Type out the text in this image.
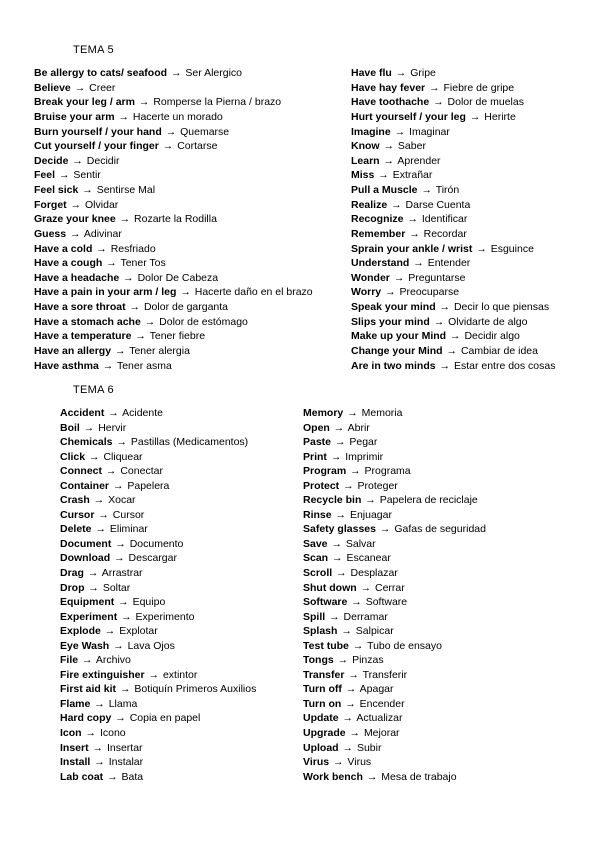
TEMA 5
Be allergy to cats/ seafood → Ser Alergico
Believe → Creer
Break your leg / arm → Romperse la Pierna / brazo
Bruise your arm → Hacerte un morado
Burn yourself / your hand → Quemarse
Cut yourself / your finger → Cortarse
Decide → Decidir
Feel → Sentir
Feel sick → Sentirse Mal
Forget → Olvidar
Graze your knee → Rozarte la Rodilla
Guess → Adivinar
Have a cold → Resfriado
Have a cough → Tener Tos
Have a headache → Dolor De Cabeza
Have a pain in your arm / leg → Hacerte daño en el brazo
Have a sore throat → Dolor de garganta
Have a stomach ache → Dolor de estómago
Have a temperature → Tener fiebre
Have an allergy → Tener alergia
Have asthma → Tener asma
Have flu → Gripe
Have hay fever → Fiebre de gripe
Have toothache → Dolor de muelas
Hurt yourself / your leg → Herirte
Imagine → Imaginar
Know → Saber
Learn → Aprender
Miss → Extrañar
Pull a Muscle → Tirón
Realize → Darse Cuenta
Recognize → Identificar
Remember → Recordar
Sprain your ankle / wrist → Esguince
Understand → Entender
Wonder → Preguntarse
Worry → Preocuparse
Speak your mind → Decir lo que piensas
Slips your mind → Olvidarte de algo
Make up your Mind → Decidir algo
Change your Mind → Cambiar de idea
Are in two minds → Estar entre dos cosas
TEMA 6
Accident → Acidente
Boil → Hervir
Chemicals → Pastillas (Medicamentos)
Click → Cliquear
Connect → Conectar
Container → Papelera
Crash → Xocar
Cursor → Cursor
Delete → Eliminar
Document → Documento
Download → Descargar
Drag → Arrastrar
Drop → Soltar
Equipment → Equipo
Experiment → Experimento
Explode → Explotar
Eye Wash → Lava Ojos
File → Archivo
Fire extinguisher → extintor
First aid kit → Botiquín Primeros Auxilios
Flame → Llama
Hard copy → Copia en papel
Icon → Icono
Insert → Insertar
Install → Instalar
Lab coat → Bata
Memory → Memoria
Open → Abrir
Paste → Pegar
Print → Imprimir
Program → Programa
Protect → Proteger
Recycle bin → Papelera de reciclaje
Rinse → Enjuagar
Safety glasses → Gafas de seguridad
Save → Salvar
Scan → Escanear
Scroll → Desplazar
Shut down → Cerrar
Software → Software
Spill → Derramar
Splash → Salpicar
Test tube → Tubo de ensayo
Tongs → Pinzas
Transfer → Transferir
Turn off → Apagar
Turn on → Encender
Update → Actualizar
Upgrade → Mejorar
Upload → Subir
Virus → Virus
Work bench → Mesa de trabajo
